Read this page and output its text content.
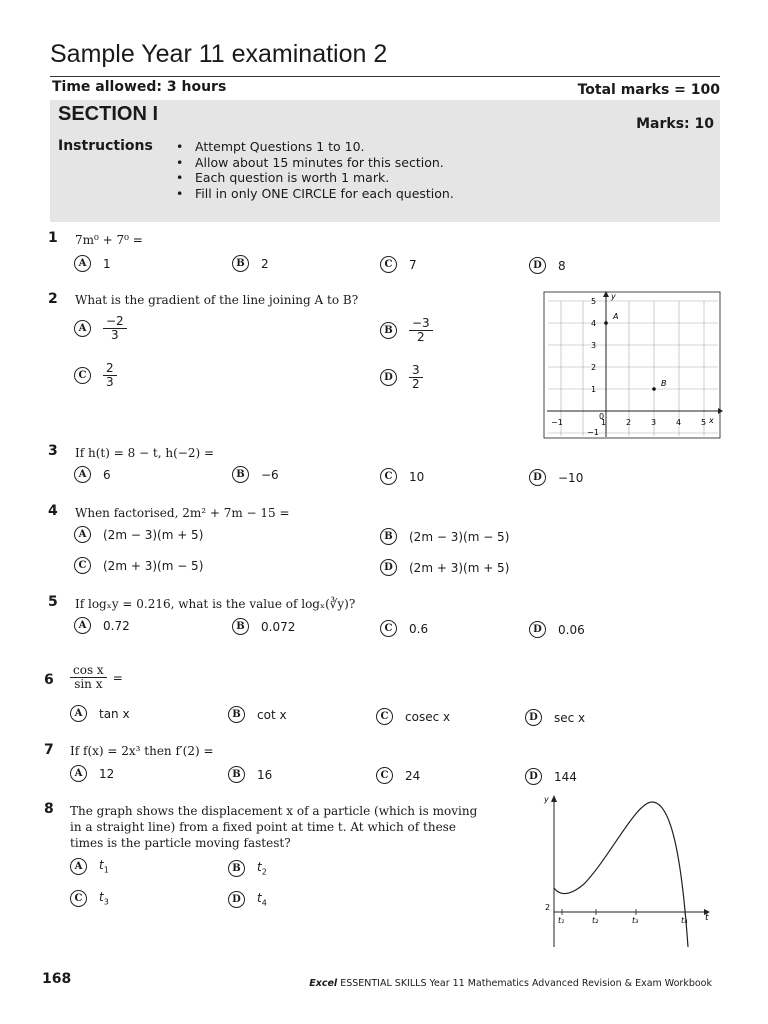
Sample Year 11 examination 2
Time allowed: 3 hours	Total marks = 100
SECTION I	Marks: 10
Instructions
•	Attempt Questions 1 to 10.
• Allow about 15 minutes for this section.
• Each question is worth 1 mark.
• Fill in only ONE CIRCLE for each question.
1 7m⁰ + 7⁰ =
A	1	B	2	C	7	D	8
2 What is the gradient of the line joining A to B?
A	$\frac{-2}{3}$	B	$\frac{-3}{2}$
C	$\frac{2}{3}$	D	$\frac{3}{2}$
5
4
3
2
1
−1
y
0
−1	1 2 3 4 5 x
A
B
3 If h(t) = 8 − t, h(−2) =
A	6	B	−6	C	10	D	−10
4 When factorised, 2m² + 7m − 15 =
A	(2m − 3)(m + 5)	B	(2m − 3)(m − 5)
C	(2m + 3)(m − 5)	D	(2m + 3)(m + 5)
5 If logₓy = 0.216, what is the value of logₓ(∛y)?
A	0.72	B	0.072	C	0.6	D	0.06
$6 \frac{\text{cos x}}{\text{sin x}}$ =
A	tan x	B	cot x	C	cosec x	D	sec x
7 If f(x) = 2x³ then f′(2) =
A	12	B	16	C	24	D	144
8 The graph shows the displacement x of a particle (which is moving
in a straight line) from a fixed point at time t. At which of these
times is the particle moving fastest?
A	$t_1$	B	$t_2$
C	$t_3$	D	$t_4$
y
t
2
t₁	t₂	t₃	t₄
168	Excel ESSENTIAL SKILLS Year 11 Mathematics Advanced Revision & Exam Workbook
